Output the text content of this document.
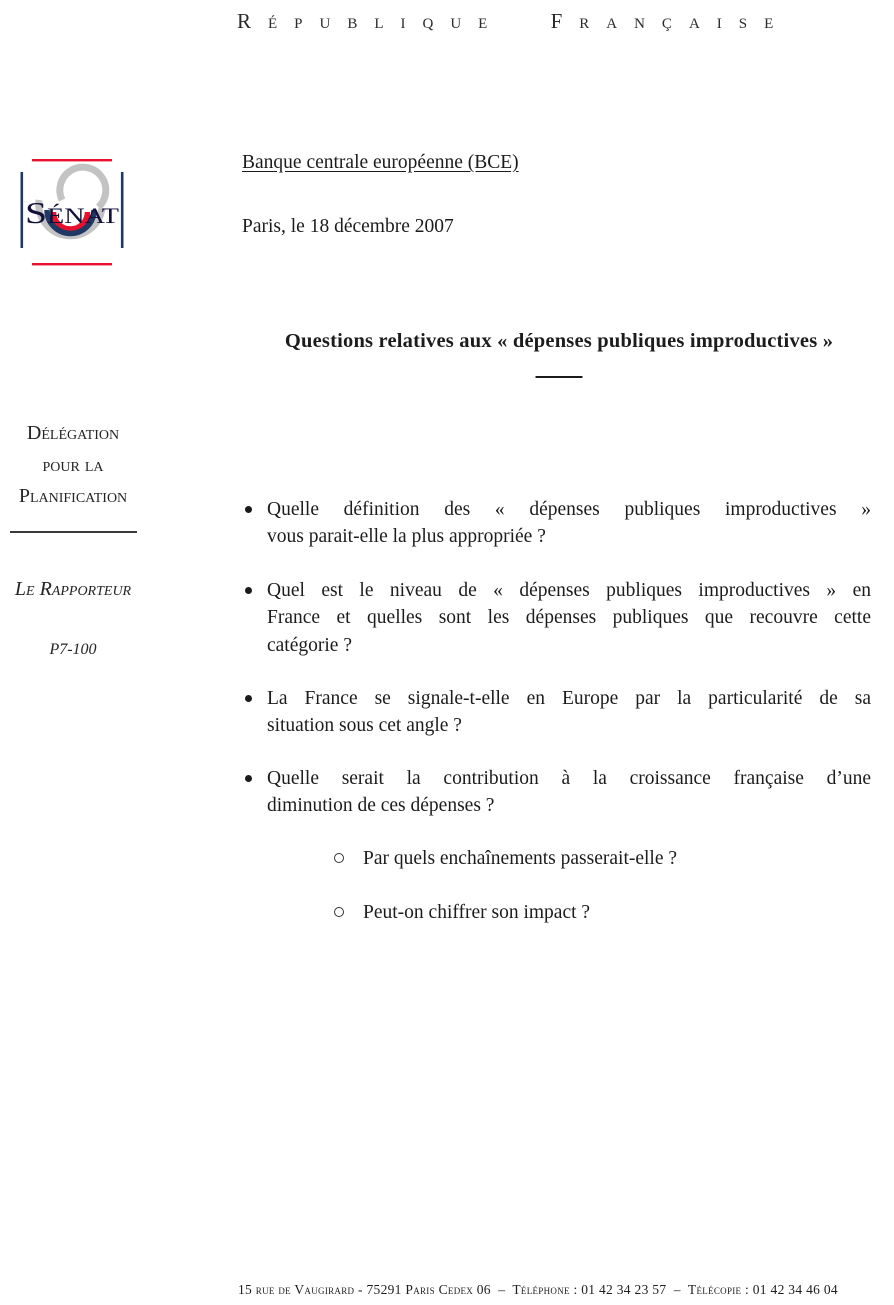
République Française
Sénat
Délégation
pour la
Planification
Le Rapporteur
P7-100
Banque centrale européenne (BCE)
Paris, le 18 décembre 2007
Questions relatives aux « dépenses publiques improductives »
Quelle définition des « dépenses publiques improductives »
vous parait-elle la plus appropriée ?
Quel est le niveau de « dépenses publiques improductives » en
France et quelles sont les dépenses publiques que recouvre cette
catégorie ?
La France se signale-t-elle en Europe par la particularité de sa
situation sous cet angle ?
Quelle serait la contribution à la croissance française d’une
diminution de ces dépenses ?
Par quels enchaînements passerait-elle ?
Peut-on chiffrer son impact ?
15 rue de Vaugirard - 75291 Paris Cedex 06  –  Téléphone : 01 42 34 23 57  –  Télécopie : 01 42 34 46 04
